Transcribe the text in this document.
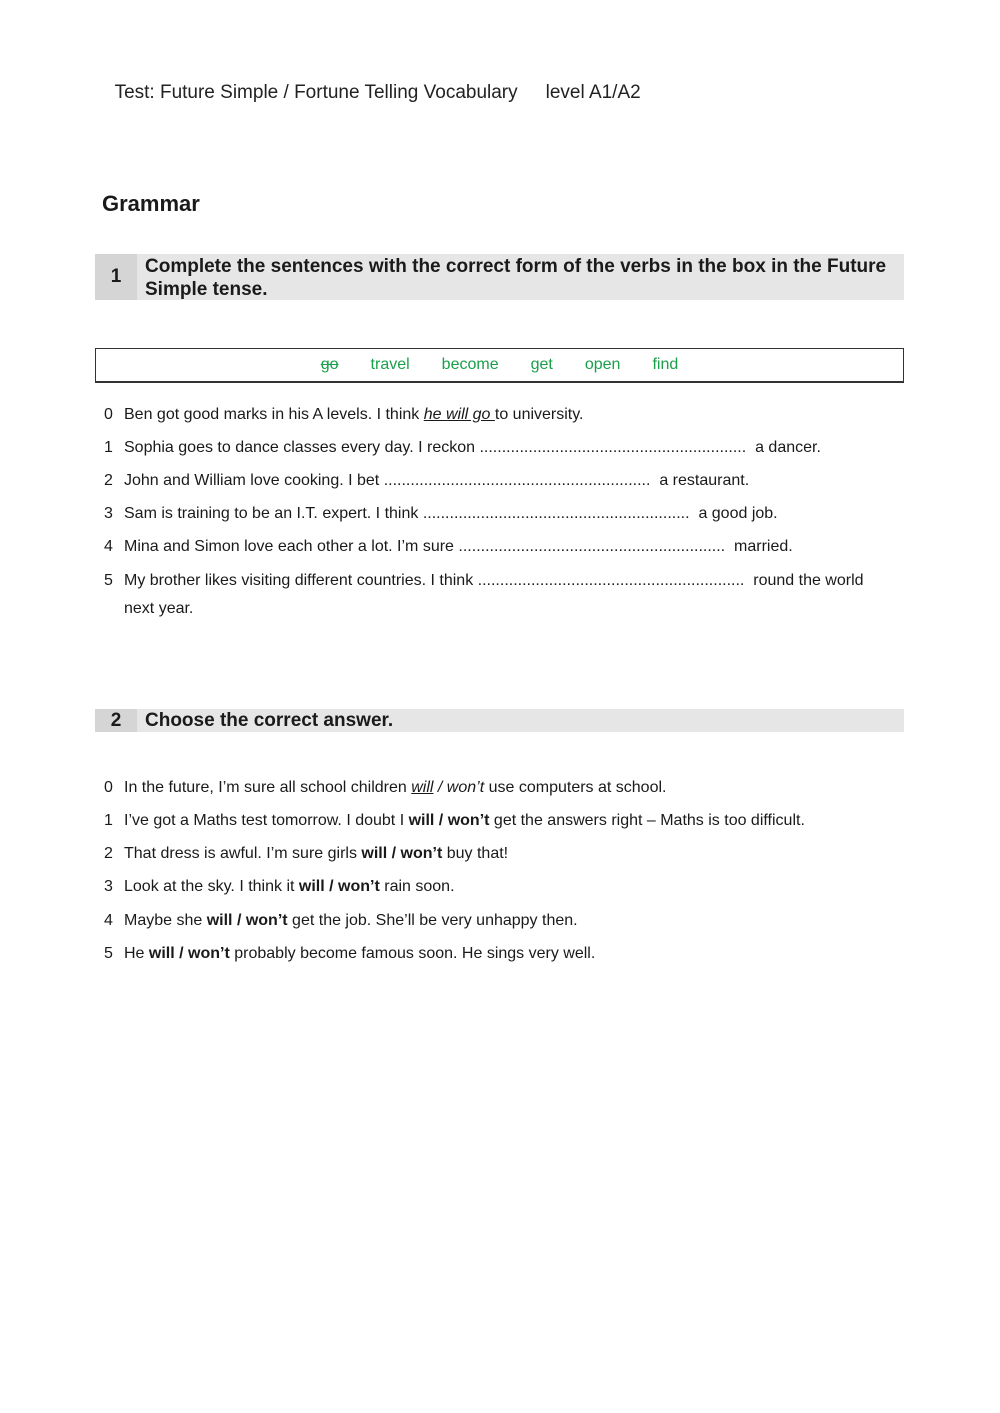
Test: Future Simple / Fortune Telling Vocabulary level A1/A2

Grammar
1	Complete the sentences with the correct form of the verbs in the box in the Future Simple tense.
go travel become get open find
0 Ben got good marks in his A levels. I think he will go to university.
1 Sophia goes to dance classes every day. I reckon ............................................................ a dancer.
2 John and William love cooking. I bet ............................................................ a restaurant.
3 Sam is training to be an I.T. expert. I think ............................................................ a good job.
4 Mina and Simon love each other a lot. I’m sure ............................................................ married.
5 My brother likes visiting different countries. I think ............................................................ round the world
next year.
2	Choose the correct answer.
0 In the future, I’m sure all school children will / won’t use computers at school.
1 I’ve got a Maths test tomorrow. I doubt I will / won’t get the answers right – Maths is too difficult.
2 That dress is awful. I’m sure girls will / won’t buy that!
3 Look at the sky. I think it will / won’t rain soon.
4 Maybe she will / won’t get the job. She’ll be very unhappy then.
5 He will / won’t probably become famous soon. He sings very well.
